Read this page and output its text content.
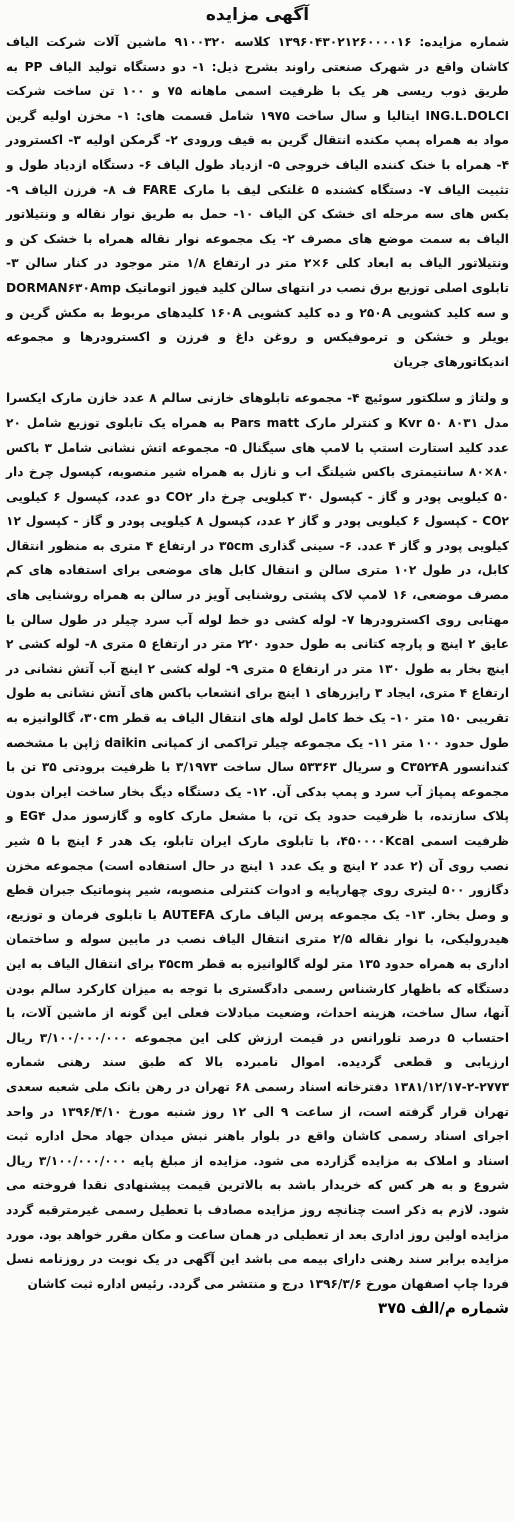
آگهی مزایده

شماره مزایده: ۱۳۹۶۰۴۳۰۲۱۲۶۰۰۰۰۱۶ کلاسه ۹۱۰۰۳۲۰ ماشین آلات شرکت الیاف کاشان واقع در شهرک صنعتی راوند بشرح ذیل: ۱- دو دستگاه تولید الیاف PP به طریق ذوب ریسی هر یک با ظرفیت اسمی ماهانه ۷۵ و ۱۰۰ تن ساخت شرکت ING.L.DOLCI ایتالیا و سال ساخت ۱۹۷۵ شامل قسمت های: ۱- مخزن اولیه گرین مواد به همراه پمپ مکنده انتقال گرین به قیف ورودی ۲- گرمکن اولیه ۳- اکسترودر ۴- همراه با خنک کننده الیاف خروجی ۵- ازدیاد طول الیاف ۶- دستگاه ازدیاد طول و تثبیت الیاف ۷- دستگاه کشنده ۵ غلتکی لیف با مارک FARE ف ۸- فرزن الیاف ۹- بکس های سه مرحله ای خشک کن الیاف ۱۰- حمل به طریق نوار نقاله و ونتیلاتور الیاف به سمت موضع های مصرف ۲- یک مجموعه نوار نقاله همراه با خشک کن و ونتیلاتور الیاف به ابعاد کلی ۶×۲ متر در ارتفاع ۱/۸ متر موجود در کنار سالن ۳- تابلوی اصلی توزیع برق نصب در انتهای سالن کلید فیوز اتوماتیک DORMAN۶۳۰Amp و سه کلید کشویی ۲۵۰A و ده کلید کشویی ۱۶۰A کلیدهای مربوط به مکش گرین و بویلر و خشکن و ترموفیکس و روغن داغ و فرزن و اکسترودرها و مجموعه اندیکاتورهای جریان

و ولتاژ و سلکتور سوئیچ ۴- مجموعه تابلوهای خازنی سالم ۸ عدد خازن مارک ایکسرا مدل ۸۰۳۱ Kvr ۵۰ و کنترلر مارک Pars matt به همراه یک تابلوی توزیع شامل ۲۰ عدد کلید استارت استپ با لامپ های سیگنال ۵- مجموعه اتش نشانی شامل ۳ باکس ۸۰×۸۰ سانتیمتری باکس شیلنگ اب و نازل به همراه شیر منصوبه، کپسول چرخ دار ۵۰ کیلویی پودر و گاز - کپسول ۳۰ کیلویی چرخ دار CO۲ دو عدد، کپسول ۶ کیلویی CO۲ - کپسول ۶ کیلویی پودر و گاز ۲ عدد، کپسول ۸ کیلویی پودر و گاز - کپسول ۱۲ کیلویی پودر و گاز ۴ عدد. ۶- سینی گذاری ۳۵cm در ارتفاع ۴ متری به منظور انتقال کابل، در طول ۱۰۲ متری سالن و انتقال کابل های موضعی برای استفاده های کم مصرف موضعی، ۱۶ لامپ لاک پشتی روشنایی آویز در سالن به همراه روشنایی های مهتابی روی اکسترودرها ۷- لوله کشی دو خط لوله آب سرد چیلر در طول سالن با عایق ۲ اینچ و پارچه کتانی به طول حدود ۲۲۰ متر در ارتفاع ۵ متری ۸- لوله کشی ۲ اینچ بخار به طول ۱۳۰ متر در ارتفاع ۵ متری ۹- لوله کشی ۲ اینچ آب آتش نشانی در ارتفاع ۴ متری، ایجاد ۳ رایزرهای ۱ اینچ برای انشعاب باکس های آتش نشانی به طول تقریبی ۱۵۰ متر ۱۰- یک خط کامل لوله های انتقال الیاف به قطر ۳۰cm، گالوانیزه به طول حدود ۱۰۰ متر ۱۱- یک مجموعه چیلر تراکمی از کمپانی daikin ژاپن با مشخصه کندانسور C۳۵۲۴A و سریال ۵۳۳۶۳ سال ساخت ۳/۱۹۷۳ با ظرفیت برودتی ۳۵ تن با مجموعه پمپاژ آب سرد و پمپ بدکی آن. ۱۲- یک دستگاه دیگ بخار ساخت ایران بدون پلاک سازنده، با ظرفیت حدود یک تن، با مشعل مارک کاوه و گازسوز مدل EG۴ و ظرفیت اسمی ۴۵۰۰۰۰Kcal، با تابلوی مارک ایران تابلو، یک هدر ۶ اینچ با ۵ شیر نصب روی آن (۲ عدد ۲ اینچ و یک عدد ۱ اینچ در حال استفاده است) مجموعه مخزن دگازور ۵۰۰ لیتری روی چهارپایه و ادوات کنترلی منصوبه، شیر پنوماتیک جبران قطع و وصل بخار. ۱۳- یک مجموعه پرس الیاف مارک AUTEFA با تابلوی فرمان و توزیع، هیدرولیکی، با نوار نقاله ۲/۵ متری انتقال الیاف نصب در مابین سوله و ساختمان اداری به همراه حدود ۱۳۵ متر لوله گالوانیزه به قطر ۳۵cm برای انتقال الیاف به این دستگاه که باظهار کارشناس رسمی دادگستری با توجه به میزان کارکرد سالم بودن آنها، سال ساخت، هزینه احداث، وضعیت مبادلات فعلی این گونه از ماشین آلات، با احتساب ۵ درصد تلورانس در قیمت ارزش کلی این مجموعه ۳/۱۰۰/۰۰۰/۰۰۰ ریال ارزیابی و قطعی گردیده. اموال نامبرده بالا که طبق سند رهنی شماره ۲۷۷۳-۲-۱۳۸۱/۱۲/۱۷ دفترخانه اسناد رسمی ۶۸ تهران در رهن بانک ملی شعبه سعدی تهران قرار گرفته است، از ساعت ۹ الی ۱۲ روز شنبه مورخ ۱۳۹۶/۴/۱۰ در واحد اجرای اسناد رسمی کاشان واقع در بلوار باهنر نبش میدان جهاد محل اداره ثبت اسناد و املاک به مزایده گزارده می شود. مزایده از مبلغ پایه ۳/۱۰۰/۰۰۰/۰۰۰ ریال شروع و به هر کس که خریدار باشد به بالاترین قیمت پیشنهادی نقدا فروخته می شود. لازم به ذکر است چنانچه روز مزایده مصادف با تعطیل رسمی غیرمترقبه گردد مزایده اولین روز اداری بعد از تعطیلی در همان ساعت و مکان مقرر خواهد بود. مورد مزایده برابر سند رهنی دارای بیمه می باشد این آگهی در یک نوبت در روزنامه نسل فردا چاپ اصفهان مورخ ۱۳۹۶/۳/۶ درج و منتشر می گردد. رئیس اداره ثبت کاشان

شماره م/الف ۳۷۵
